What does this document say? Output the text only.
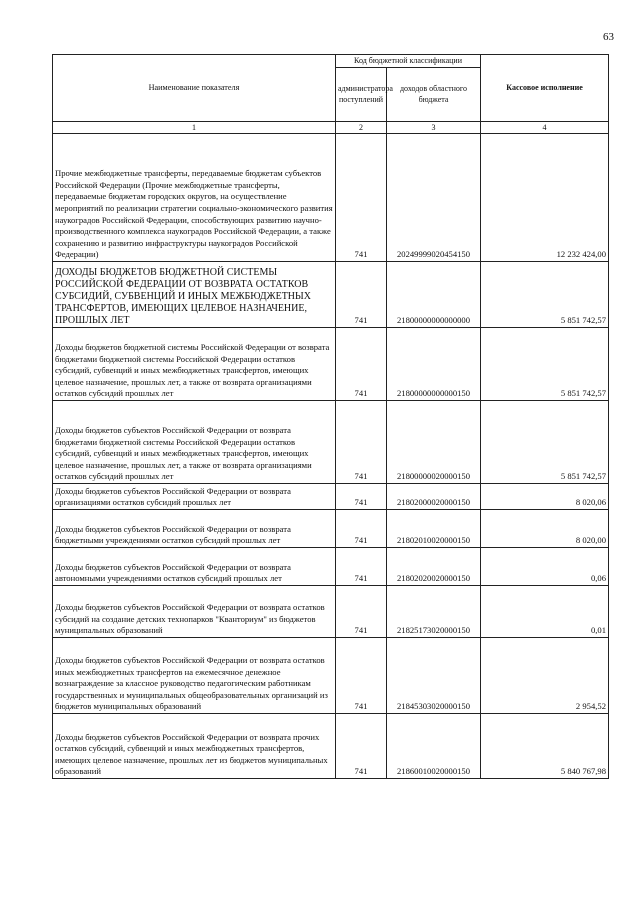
63
Наименование показателя	Код бюджетной классификации		Кассовое исполнение
	администратора поступлений	доходов областного бюджета	
1	2	3	4
Прочие межбюджетные трансферты, передаваемые бюджетам субъектов Российской Федерации (Прочие межбюджетные трансферты, передаваемые бюджетам городских округов, на осуществление мероприятий по реализации стратегии социально-экономического развития наукоградов Российской Федерации, способствующих развитию научно-производственного комплекса наукоградов Российской Федерации, а также сохранению и развитию инфраструктуры наукоградов Российской Федерации)	741	20249999020454150	12 232 424,00
ДОХОДЫ БЮДЖЕТОВ БЮДЖЕТНОЙ СИСТЕМЫ РОССИЙСКОЙ ФЕДЕРАЦИИ ОТ ВОЗВРАТА ОСТАТКОВ СУБСИДИЙ, СУБВЕНЦИЙ И ИНЫХ МЕЖБЮДЖЕТНЫХ ТРАНСФЕРТОВ, ИМЕЮЩИХ ЦЕЛЕВОЕ НАЗНАЧЕНИЕ, ПРОШЛЫХ ЛЕТ	741	21800000000000000	5 851 742,57
Доходы бюджетов бюджетной системы Российской Федерации от возврата бюджетами бюджетной системы Российской Федерации остатков субсидий, субвенций и иных межбюджетных трансфертов, имеющих целевое назначение, прошлых лет, а также от возврата организациями остатков субсидий прошлых лет	741	21800000000000150	5 851 742,57
Доходы бюджетов субъектов Российской Федерации от возврата бюджетами бюджетной системы Российской Федерации остатков субсидий, субвенций и иных межбюджетных трансфертов, имеющих целевое назначение, прошлых лет, а также от возврата организациями остатков субсидий прошлых лет	741	21800000020000150	5 851 742,57
Доходы бюджетов субъектов Российской Федерации от возврата организациями остатков субсидий прошлых лет	741	21802000020000150	8 020,06
Доходы бюджетов субъектов Российской Федерации от возврата бюджетными учреждениями остатков субсидий прошлых лет	741	21802010020000150	8 020,00
Доходы бюджетов субъектов Российской Федерации от возврата автономными учреждениями остатков субсидий прошлых лет	741	21802020020000150	0,06
Доходы бюджетов субъектов Российской Федерации от возврата остатков субсидий на создание детских технопарков "Кванториум" из бюджетов муниципальных образований	741	21825173020000150	0,01
Доходы бюджетов субъектов Российской Федерации от возврата остатков иных межбюджетных трансфертов на ежемесячное денежное вознаграждение за классное руководство педагогическим работникам государственных и муниципальных общеобразовательных организаций из бюджетов муниципальных образований	741	21845303020000150	2 954,52
Доходы бюджетов субъектов Российской Федерации от возврата прочих остатков субсидий, субвенций и иных межбюджетных трансфертов, имеющих целевое назначение, прошлых лет из бюджетов муниципальных образований	741	21860010020000150	5 840 767,98
